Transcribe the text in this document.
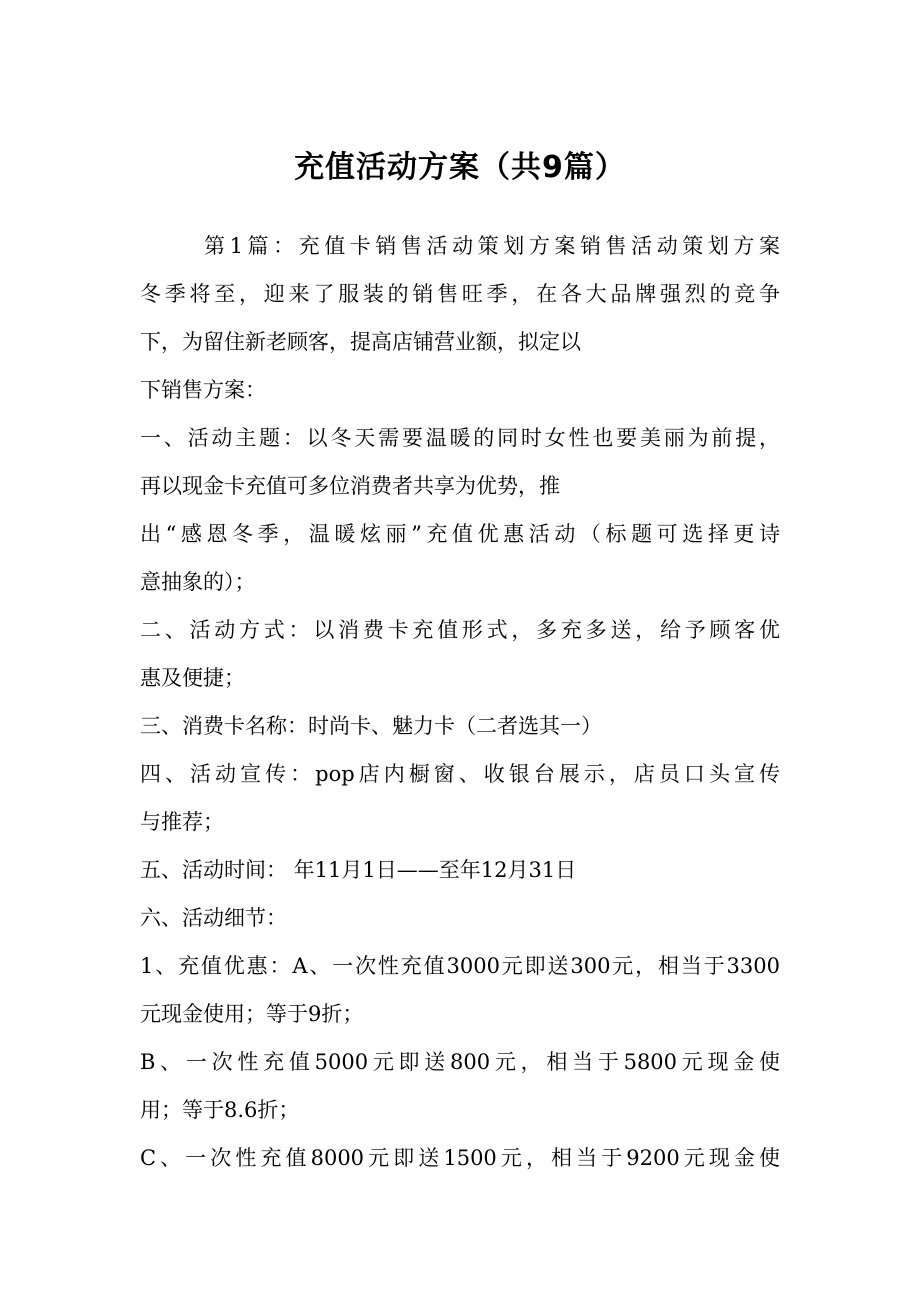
充值活动方案（共9篇）
第1篇：充值卡销售活动策划方案销售活动策划方案
冬季将至，迎来了服装的销售旺季，在各大品牌强烈的竞争
下，为留住新老顾客，提高店铺营业额，拟定以
下销售方案：
一、活动主题：以冬天需要温暖的同时女性也要美丽为前提，
再以现金卡充值可多位消费者共享为优势，推
出“感恩冬季，温暖炫丽”充值优惠活动（标题可选择更诗
意抽象的）；
二、活动方式：以消费卡充值形式，多充多送，给予顾客优
惠及便捷；
三、消费卡名称：时尚卡、魅力卡（二者选其一）
四、活动宣传：pop店内橱窗、收银台展示，店员口头宣传
与推荐；
五、活动时间： 年11月1日——至年12月31日
六、活动细节：
1、充值优惠：A、一次性充值3000元即送300元，相当于3300
元现金使用；等于9折；
B、一次性充值5000元即送800元，相当于5800元现金使
用；等于8.6折；
C、一次性充值8000元即送1500元，相当于9200元现金使
